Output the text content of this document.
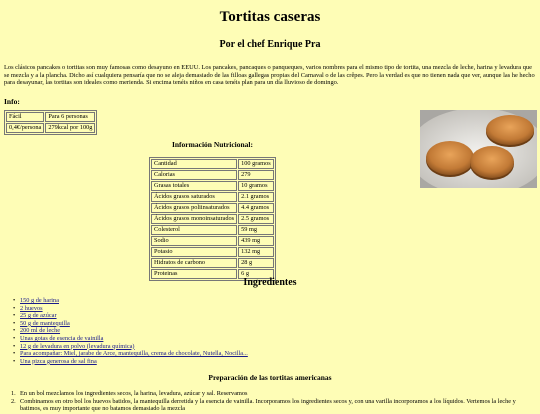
Tortitas caseras
Por el chef Enrique Pra

Los clásicos pancakes o tortitas son muy famosas como desayuno en EEUU. Los pancakes, pancaques o panqueques, varios nombres para el mismo tipo de tortita, una mezcla de leche, harina y levadura que se mezcla y a la plancha. Dicho así cualquiera pensaría que no se aleja demasiado de las filloas gallegas propias del Carnaval o de las crêpes. Pero la verdad es que no tienen nada que ver, aunque las he hecho para desayunar, las tortitas son ideales como merienda. Si encima tenéis niños en casa tenéis plan para un día lluvioso de domingo.

Info:
Fácil	Para 6 personas
0,4€/persona	279kcal por 100g
Información Nutricional:
Cantidad	100 gramos
Calorias	279
Grasas totales	10 gramos
Ácidos grasos saturados	2.1 gramos
Ácidos grasos poliinsaturados	4.4 gramos
Ácidos grasos monoinsaturados	2.5 gramos
Colesterol	59 mg
Sodio	439 mg
Potasio	132 mg
Hidratos de carbono	28 g
Proteinas	6 g
Ingredientes
• 150 g de harina
• 2 huevos
• 25 g de azúcar
• 50 g de mantequilla
• 200 ml de leche
• Unas gotas de esencia de vainilla
• 12 g de levadura en polvo (levadura química)
• Para acompañar: Miel, jarabe de Arce, mantequilla, crema de chocolate, Nutella, Nocilla...
• Una pizca generosa de sal fina
Preparación de las tortitas americanas
1. En un bol mezclamos los ingredientes secos, la harina, levadura, azúcar y sal. Reservamos
2. Combinamos en otro bol los huevos batidos, la mantequilla derretida y la esencia de vainilla. Incorporamos los ingredientes secos y, con una varilla incorporamos a los líquidos. Vertemos la leche y batimos, es muy importante que no batamos demasiado la mezcla
